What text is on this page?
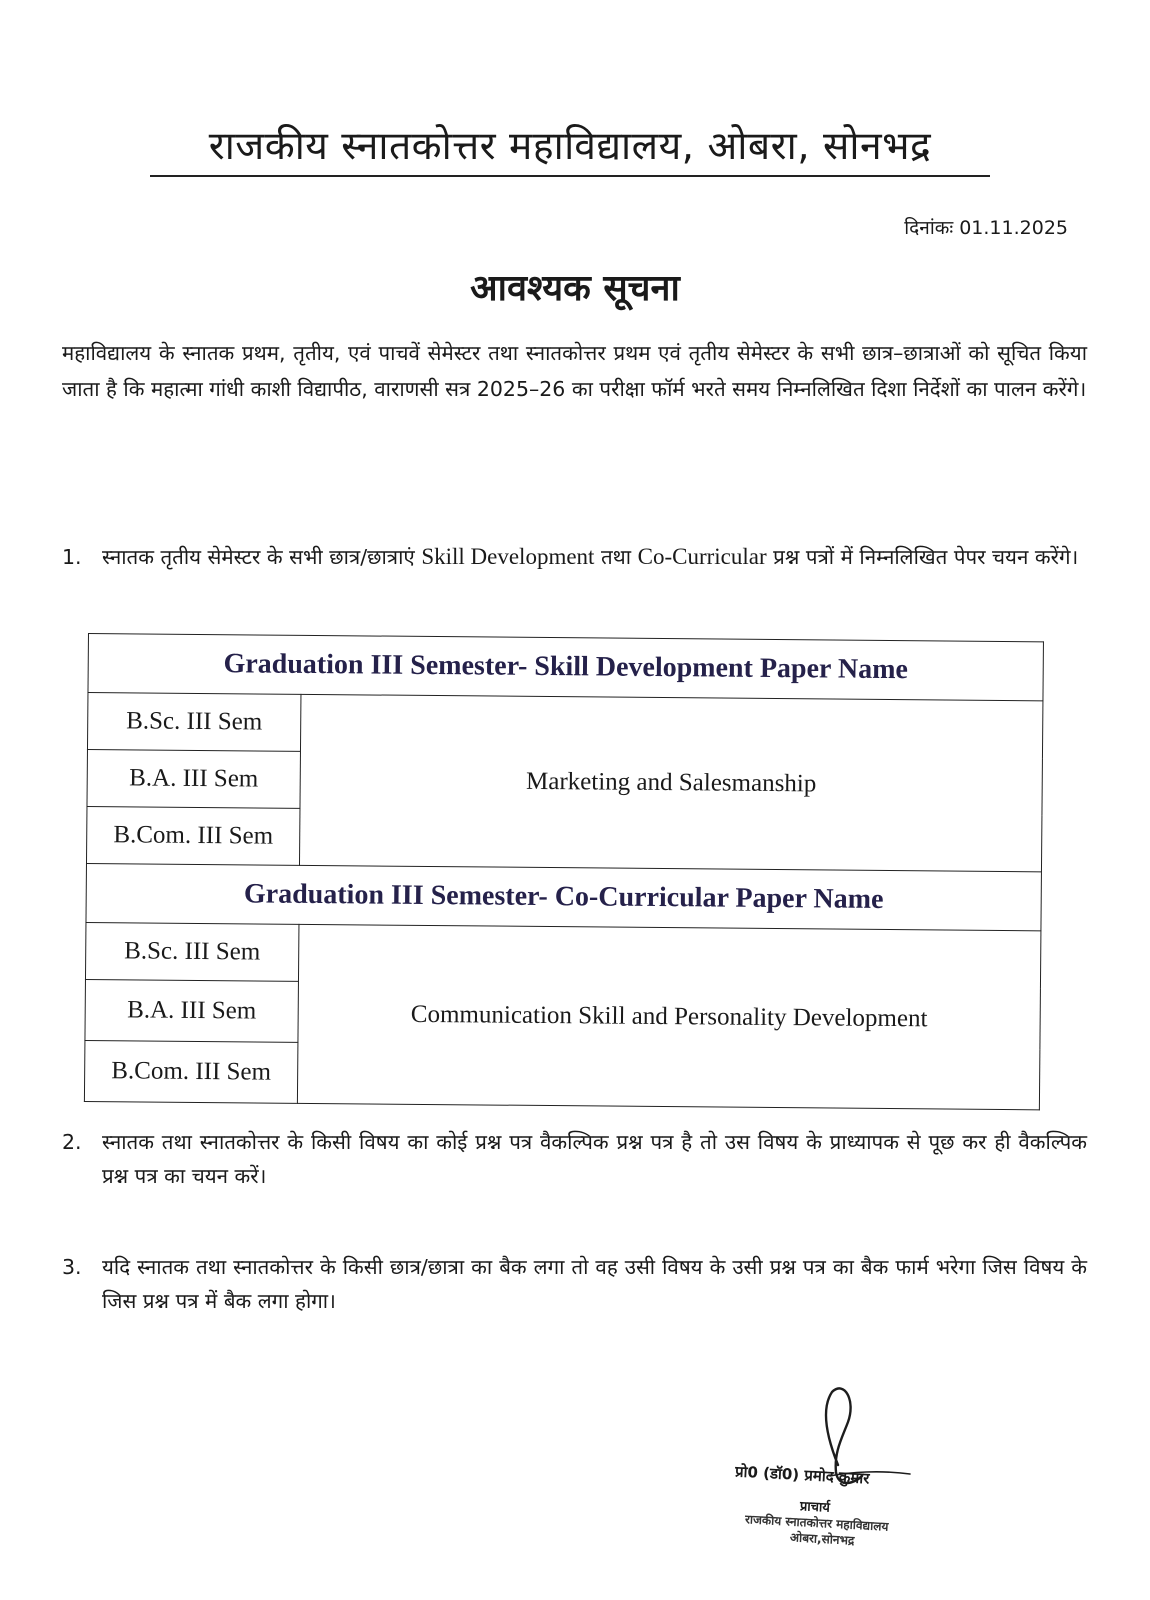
राजकीय स्नातकोत्तर महाविद्यालय, ओबरा, सोनभद्र
दिनांकः 01.11.2025
आवश्यक सूचना
महाविद्यालय के स्नातक प्रथम, तृतीय, एवं पाचवें सेमेस्टर तथा स्नातकोत्तर प्रथम एवं तृतीय सेमेस्टर के सभी छात्र–छात्राओं को सूचित किया जाता है कि महात्मा गांधी काशी विद्यापीठ, वाराणसी सत्र 2025–26 का परीक्षा फॉर्म भरते समय निम्नलिखित दिशा निर्देशों का पालन करेंगे।
1. स्नातक तृतीय सेमेस्टर के सभी छात्र/छात्राएं Skill Development तथा Co-Curricular प्रश्न पत्रों में निम्नलिखित पेपर चयन करेंगे।
Graduation III Semester- Skill Development Paper Name	
B.Sc. III Sem	Marketing and Salesmanship
B.A. III Sem	
B.Com. III Sem	
Graduation III Semester- Co-Curricular Paper Name	
B.Sc. III Sem	Communication Skill and Personality Development
B.A. III Sem	
B.Com. III Sem	
2. स्नातक तथा स्नातकोत्तर के किसी विषय का कोई प्रश्न पत्र वैकल्पिक प्रश्न पत्र है तो उस विषय के प्राध्यापक से पूछ कर ही वैकल्पिक प्रश्न पत्र का चयन करें।
3. यदि स्नातक तथा स्नातकोत्तर के किसी छात्र/छात्रा का बैक लगा तो वह उसी विषय के उसी प्रश्न पत्र का बैक फार्म भरेगा जिस विषय के जिस प्रश्न पत्र में बैक लगा होगा।
प्रो0 (डॉ0) प्रमोद कुमार
प्राचार्य
राजकीय स्नातकोत्तर महाविद्यालय
ओबरा,सोनभद्र
